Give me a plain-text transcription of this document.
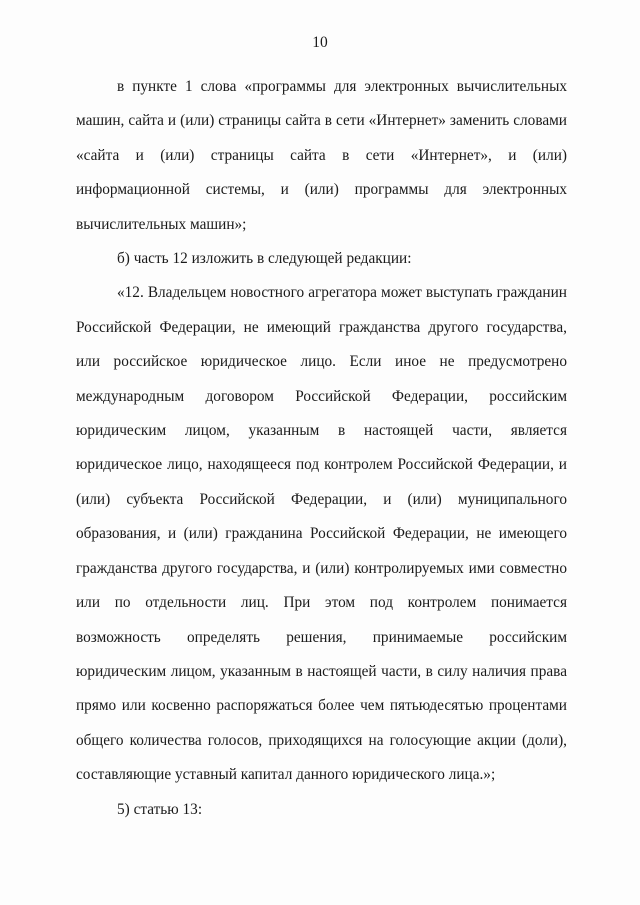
10

в пункте 1 слова «программы для электронных вычислительных машин, сайта и (или) страницы сайта в сети «Интернет» заменить словами «сайта и (или) страницы сайта в сети «Интернет», и (или) информационной системы, и (или) программы для электронных вычислительных машин»;

б) часть 12 изложить в следующей редакции:

«12. Владельцем новостного агрегатора может выступать гражданин Российской Федерации, не имеющий гражданства другого государства, или российское юридическое лицо. Если иное не предусмотрено международным договором Российской Федерации, российским юридическим лицом, указанным в настоящей части, является юридическое лицо, находящееся под контролем Российской Федерации, и (или) субъекта Российской Федерации, и (или) муниципального образования, и (или) гражданина Российской Федерации, не имеющего гражданства другого государства, и (или) контролируемых ими совместно или по отдельности лиц. При этом под контролем понимается возможность определять решения, принимаемые российским юридическим лицом, указанным в настоящей части, в силу наличия права прямо или косвенно распоряжаться более чем пятьюдесятью процентами общего количества голосов, приходящихся на голосующие акции (доли), составляющие уставный капитал данного юридического лица.»;

5) статью 13:
